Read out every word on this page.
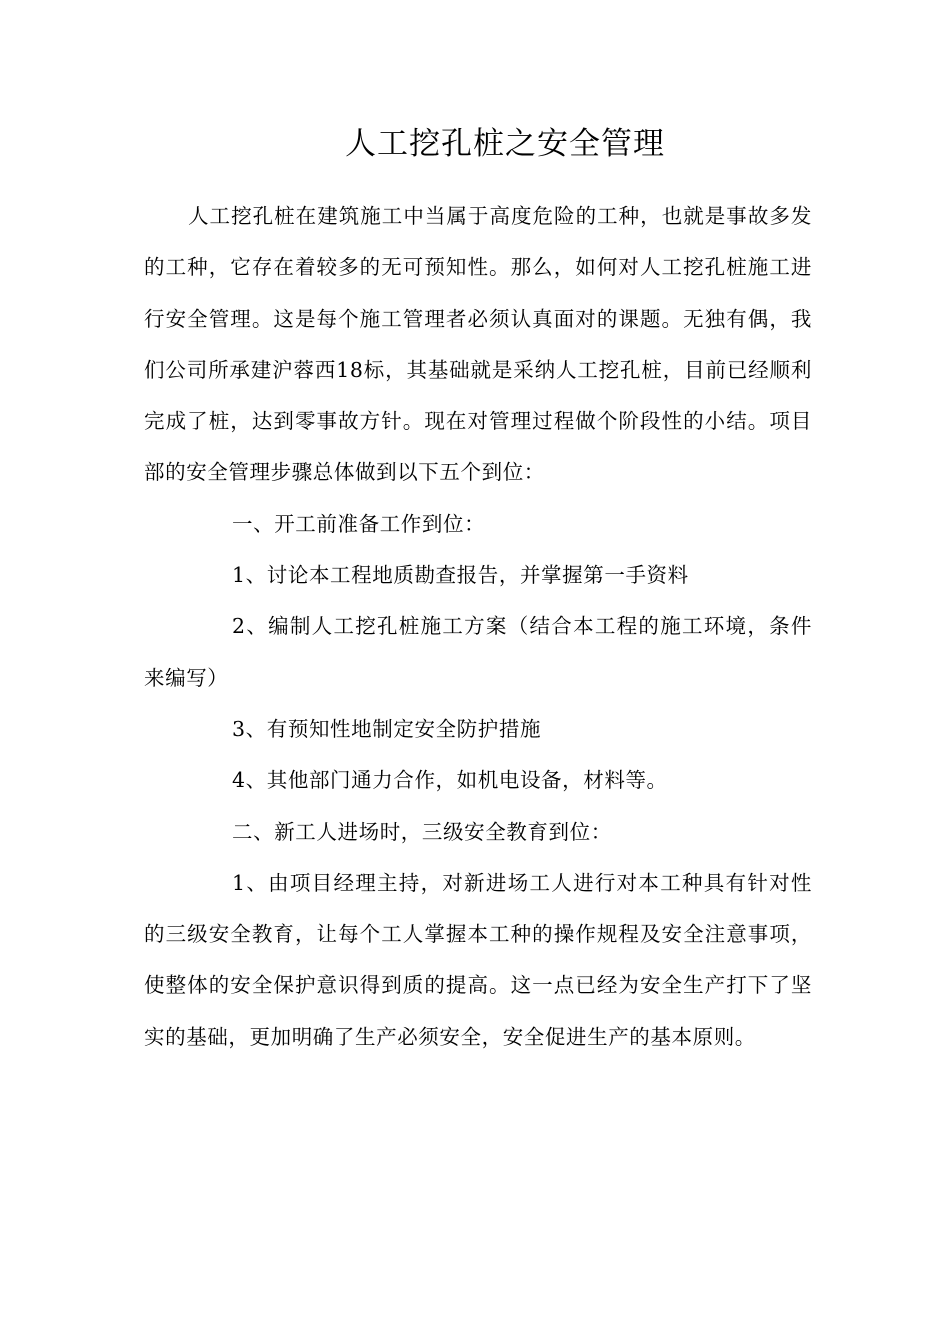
人工挖孔桩之安全管理

人工挖孔桩在建筑施工中当属于高度危险的工种，也就是事故多发的工种，它存在着较多的无可预知性。那么，如何对人工挖孔桩施工进行安全管理。这是每个施工管理者必须认真面对的课题。无独有偶，我们公司所承建沪蓉西18标，其基础就是采纳人工挖孔桩，目前已经顺利完成了桩，达到零事故方针。现在对管理过程做个阶段性的小结。项目部的安全管理步骤总体做到以下五个到位：

一、开工前准备工作到位：

1、讨论本工程地质勘查报告，并掌握第一手资料

2、编制人工挖孔桩施工方案（结合本工程的施工环境，条件来编写）

3、有预知性地制定安全防护措施

4、其他部门通力合作，如机电设备，材料等。

二、新工人进场时，三级安全教育到位：

1、由项目经理主持，对新进场工人进行对本工种具有针对性的三级安全教育，让每个工人掌握本工种的操作规程及安全注意事项，使整体的安全保护意识得到质的提高。这一点已经为安全生产打下了坚实的基础，更加明确了生产必须安全，安全促进生产的基本原则。
